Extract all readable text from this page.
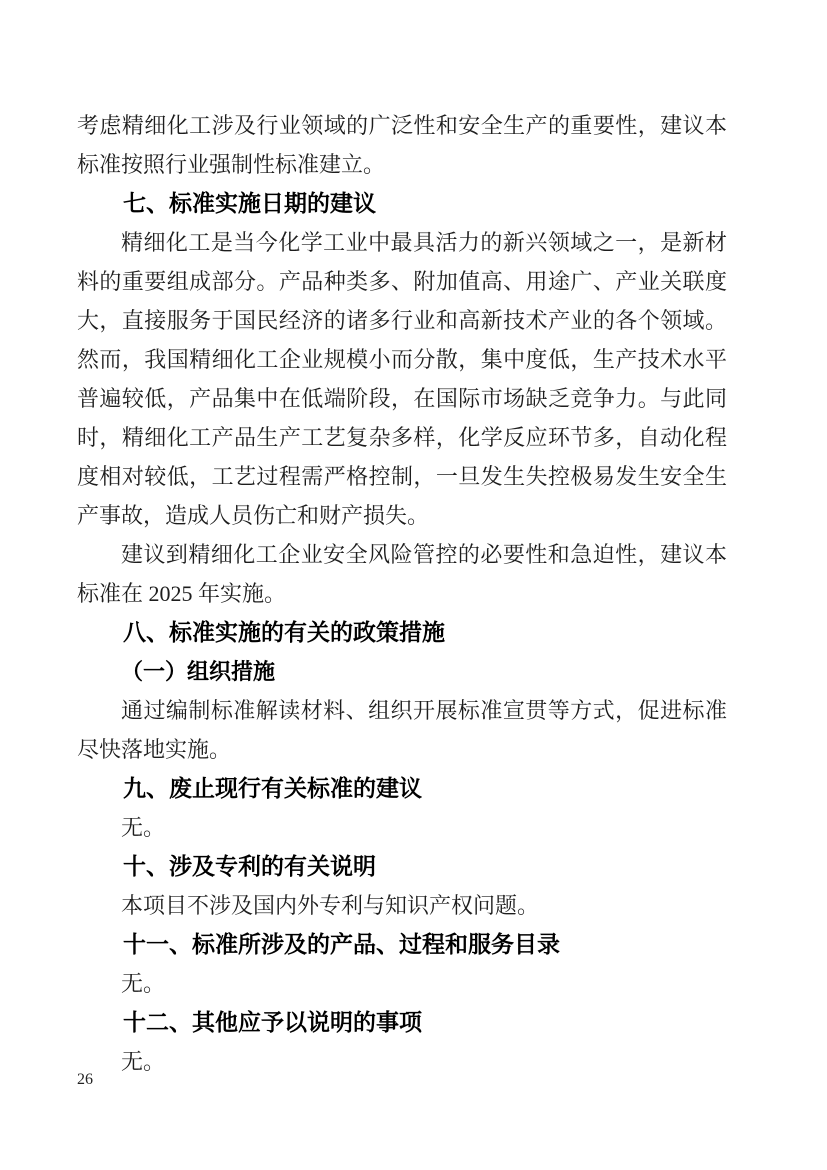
考虑精细化工涉及行业领域的广泛性和安全生产的重要性，建议本标准按照行业强制性标准建立。

七、标准实施日期的建议

精细化工是当今化学工业中最具活力的新兴领域之一，是新材料的重要组成部分。产品种类多、附加值高、用途广、产业关联度大，直接服务于国民经济的诸多行业和高新技术产业的各个领域。然而，我国精细化工企业规模小而分散，集中度低，生产技术水平普遍较低，产品集中在低端阶段，在国际市场缺乏竞争力。与此同时，精细化工产品生产工艺复杂多样，化学反应环节多，自动化程度相对较低，工艺过程需严格控制，一旦发生失控极易发生安全生产事故，造成人员伤亡和财产损失。

建议到精细化工企业安全风险管控的必要性和急迫性，建议本标准在 2025 年实施。

八、标准实施的有关的政策措施
（一）组织措施

通过编制标准解读材料、组织开展标准宣贯等方式，促进标准尽快落地实施。

九、废止现行有关标准的建议

无。

十、涉及专利的有关说明

本项目不涉及国内外专利与知识产权问题。

十一、标准所涉及的产品、过程和服务目录

无。

十二、其他应予以说明的事项

无。

26
